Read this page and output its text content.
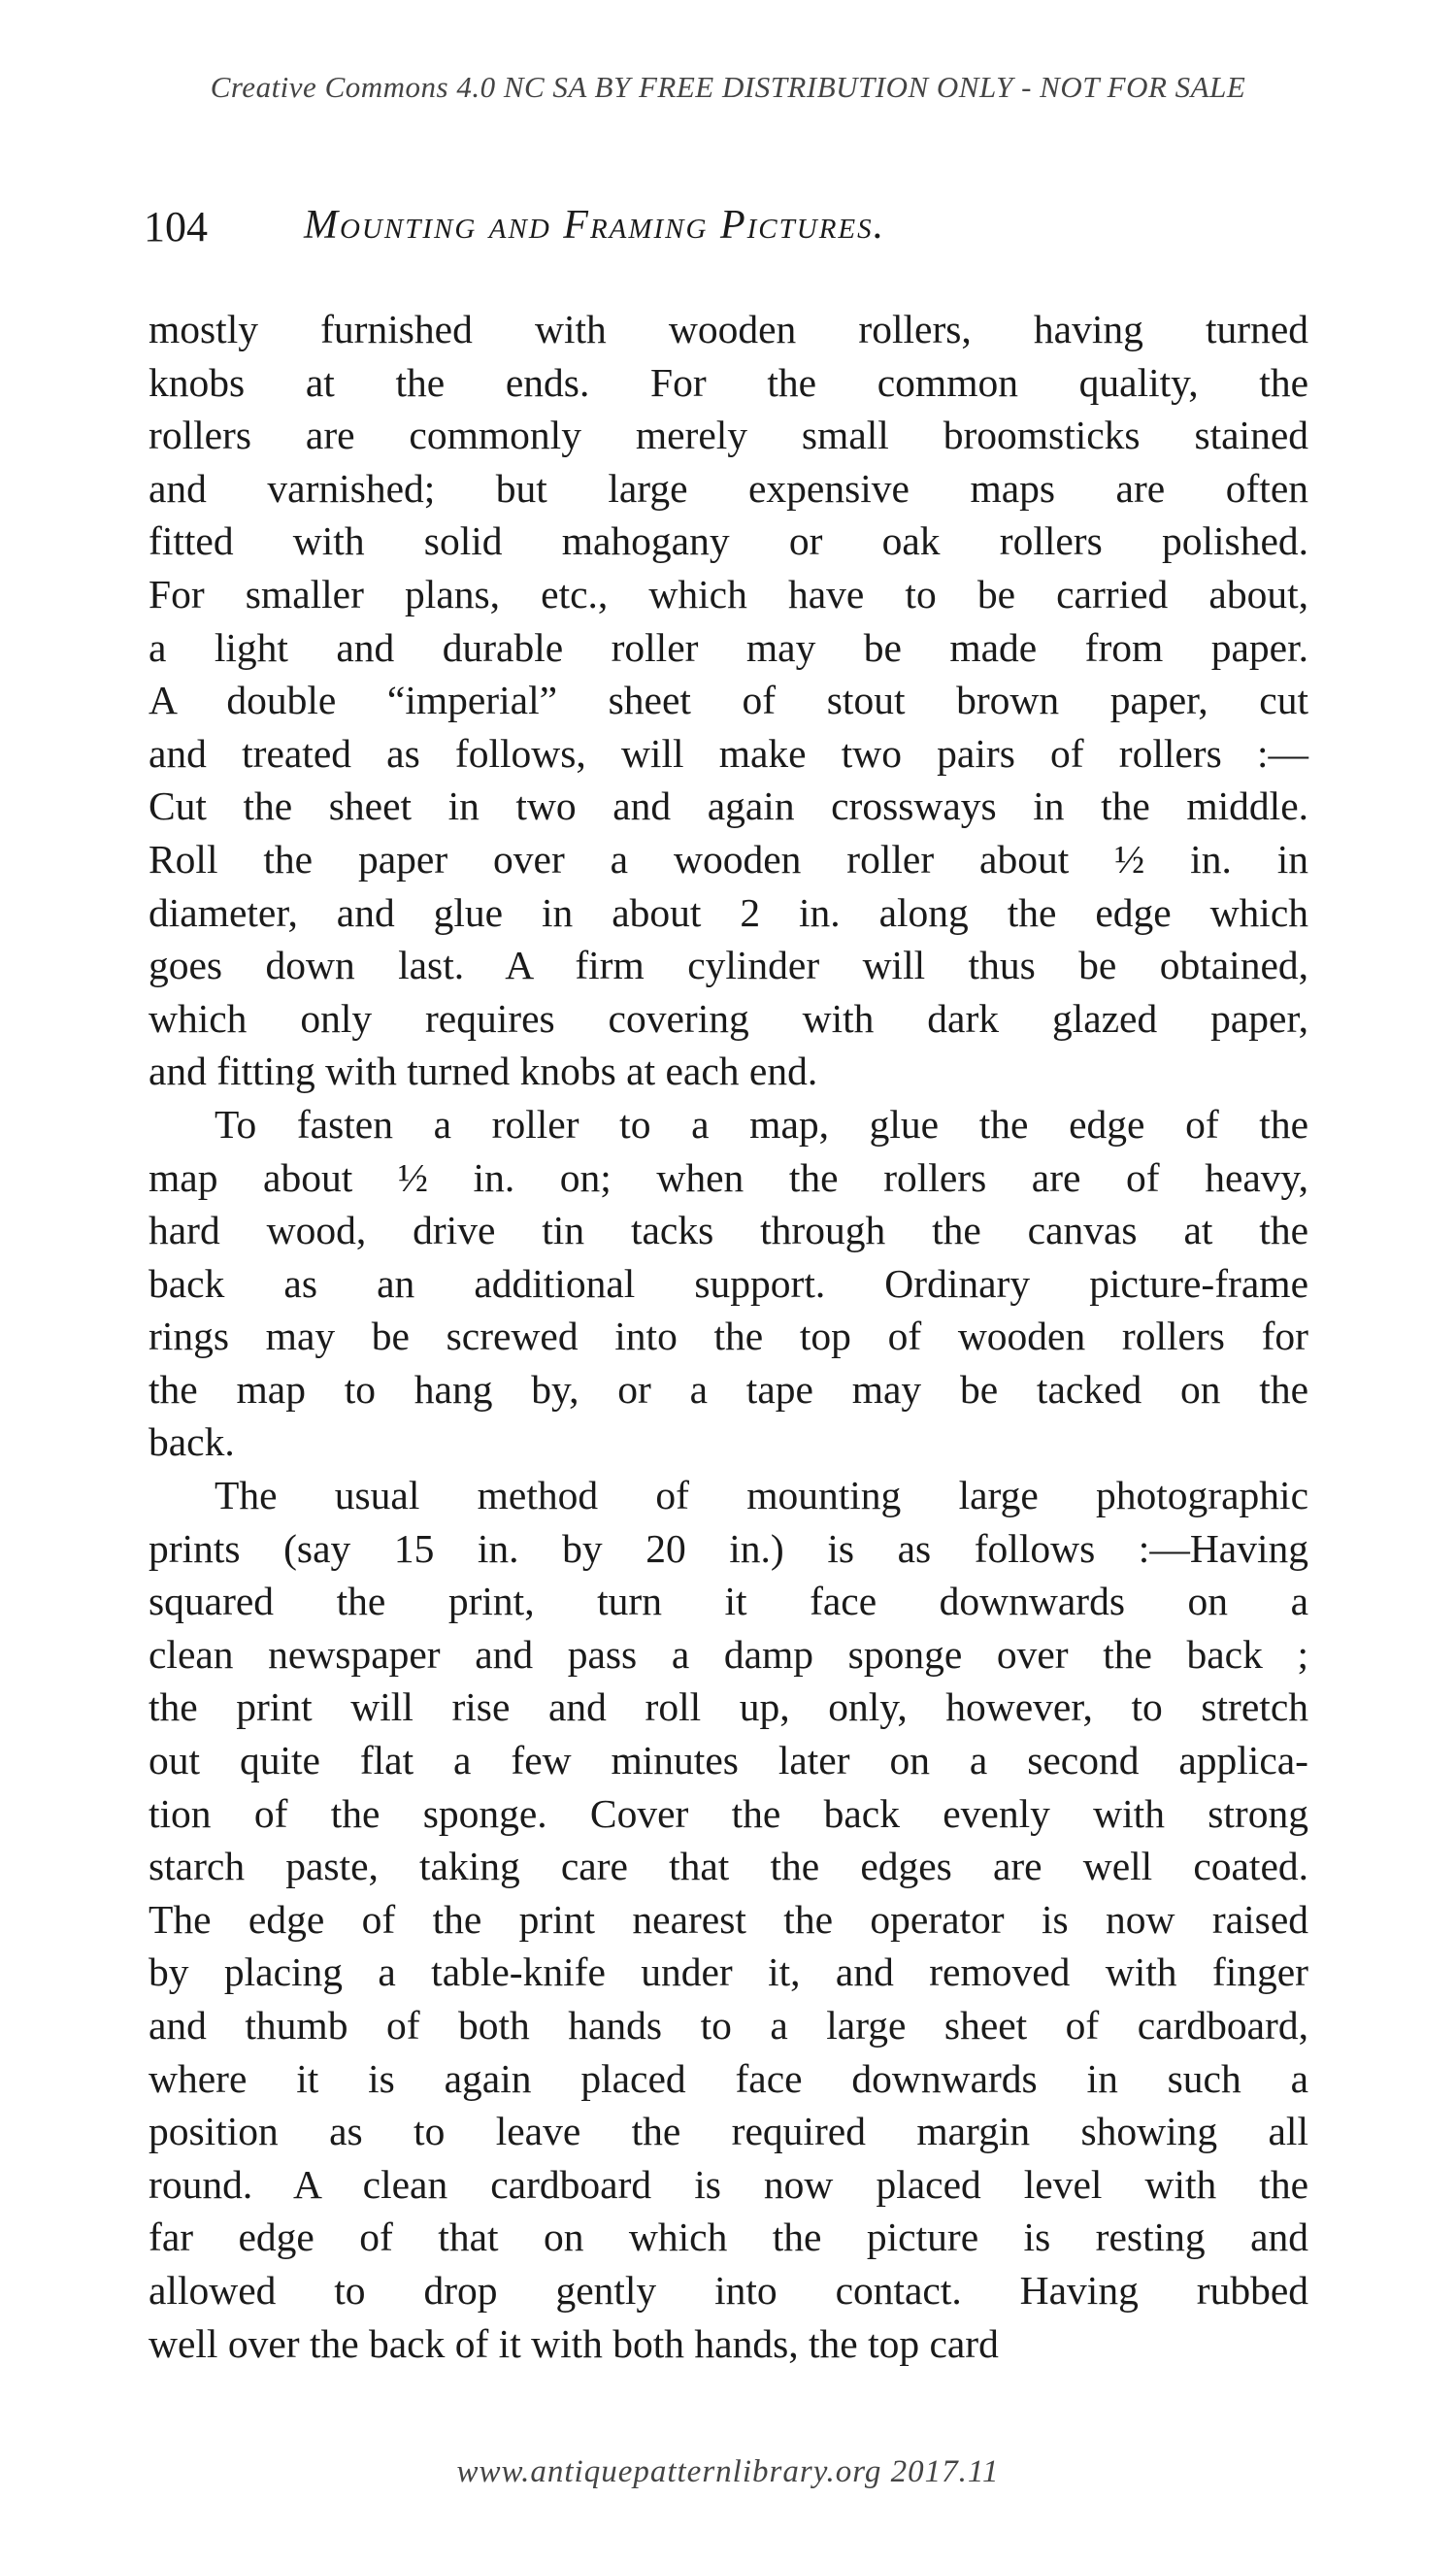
Creative Commons 4.0 NC SA BY FREE DISTRIBUTION ONLY - NOT FOR SALE
104 Mounting and Framing Pictures.
mostly furnished with wooden rollers, having turned
knobs at the ends. For the common quality, the
rollers are commonly merely small broomsticks stained
and varnished; but large expensive maps are often
fitted with solid mahogany or oak rollers polished.
For smaller plans, etc., which have to be carried about,
a light and durable roller may be made from paper.
A double “imperial” sheet of stout brown paper, cut
and treated as follows, will make two pairs of rollers :—
Cut the sheet in two and again crossways in the middle.
Roll the paper over a wooden roller about ½ in. in
diameter, and glue in about 2 in. along the edge which
goes down last. A firm cylinder will thus be obtained,
which only requires covering with dark glazed paper,
and fitting with turned knobs at each end.
To fasten a roller to a map, glue the edge of the
map about ½ in. on; when the rollers are of heavy,
hard wood, drive tin tacks through the canvas at the
back as an additional support. Ordinary picture-frame
rings may be screwed into the top of wooden rollers for
the map to hang by, or a tape may be tacked on the
back.
The usual method of mounting large photographic
prints (say 15 in. by 20 in.) is as follows :—Having
squared the print, turn it face downwards on a
clean newspaper and pass a damp sponge over the back ;
the print will rise and roll up, only, however, to stretch
out quite flat a few minutes later on a second applica-
tion of the sponge. Cover the back evenly with strong
starch paste, taking care that the edges are well coated.
The edge of the print nearest the operator is now raised
by placing a table-knife under it, and removed with finger
and thumb of both hands to a large sheet of cardboard,
where it is again placed face downwards in such a
position as to leave the required margin showing all
round. A clean cardboard is now placed level with the
far edge of that on which the picture is resting and
allowed to drop gently into contact. Having rubbed
well over the back of it with both hands, the top card
www.antiquepatternlibrary.org 2017.11
